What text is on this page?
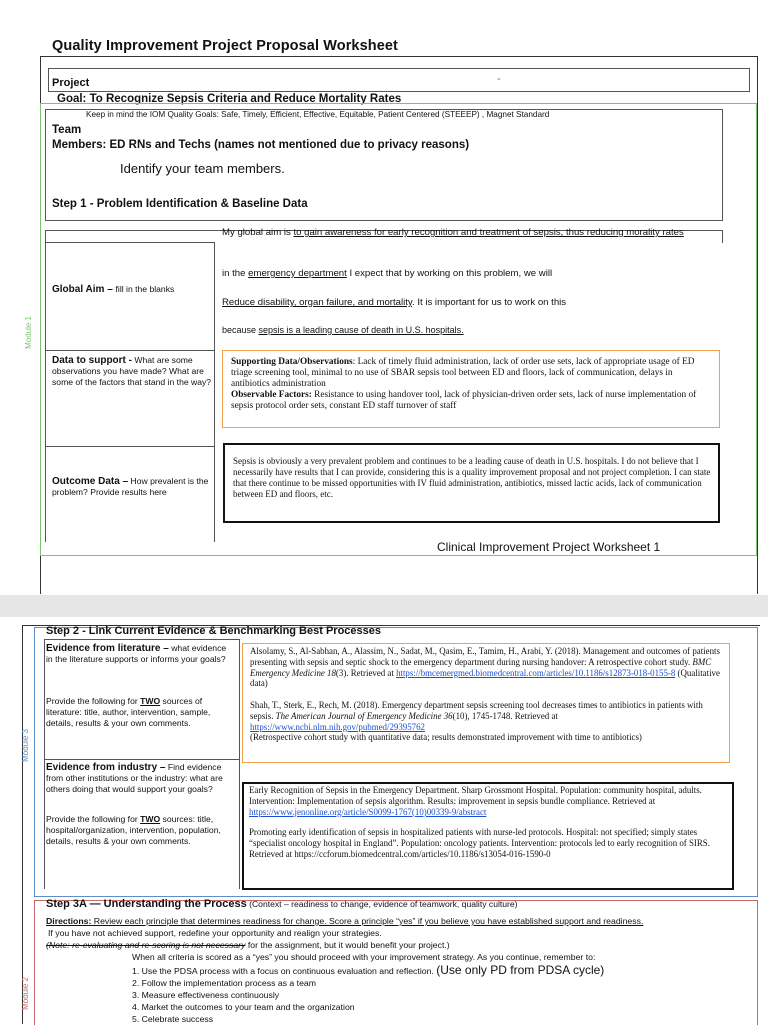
Quality Improvement Project Proposal Worksheet
Project	-
Goal: To Recognize Sepsis Criteria and Reduce Mortality Rates
Module 1
Keep in mind the IOM Quality Goals: Safe, Timely, Efficient, Effective, Equitable, Patient Centered (STEEEP) , Magnet Standard
Team
Members: ED RNs and Techs (names not mentioned due to privacy reasons)
Identify your team members.
Step 1 - Problem Identification & Baseline Data
Global Aim – fill in the blanks
My global aim is to gain awareness for early recognition and treatment of sepsis, thus reducing morality rates
in the emergency department I expect that by working on this problem, we will
Reduce disability, organ failure, and mortality. It is important for us to work on this
because sepsis is a leading cause of death in U.S. hospitals.
Data to support - What are some observations you have made? What are some of the factors that stand in the way?
Supporting Data/Observations: Lack of timely fluid administration, lack of order use sets, lack of appropriate usage of ED triage screening tool, minimal to no use of SBAR sepsis tool between ED and floors, lack of communication, delays in antibiotics administration
Observable Factors: Resistance to using handover tool, lack of physician-driven order sets, lack of nurse implementation of sepsis protocol order sets, constant ED staff turnover of staff
Outcome Data – How prevalent is the problem? Provide results here
Sepsis is obviously a very prevalent problem and continues to be a leading cause of death in U.S. hospitals. I do not believe that I necessarily have results that I can provide, considering this is a quality improvement proposal and not project completion. I can state that there continue to be missed opportunities with IV fluid administration, antibiotics, missed lactic acids, lack of communication between ED and floors, etc.
Clinical Improvement Project Worksheet 1
Module 3
Step 2 - Link Current Evidence & Benchmarking Best Processes
Evidence from literature – what evidence in the literature supports or informs your goals?
Provide the following for TWO sources of literature: title, author, intervention, sample, details, results & your own comments.
Alsolamy, S., Al-Sabhan, A., Alassim, N., Sadat, M., Qasim, E., Tamim, H., Arabi, Y. (2018). Management and outcomes of patients presenting with sepsis and septic shock to the emergency department during nursing handover: A retrospective cohort study. BMC Emergency Medicine 18(3). Retrieved at https://bmcemergmed.biomedcentral.com/articles/10.1186/s12873-018-0155-8 (Qualitative data)
Shah, T., Sterk, E., Rech, M. (2018). Emergency department sepsis screening tool decreases times to antibiotics in patients with sepsis. The American Journal of Emergency Medicine 36(10), 1745-1748. Retrieved at https://www.ncbi.nlm.nih.gov/pubmed/29395762
(Retrospective cohort study with quantitative data; results demonstrated improvement with time to antibiotics)
Evidence from industry – Find evidence from other institutions or the industry: what are others doing that would support your goals?
Provide the following for TWO sources: title, hospital/organization, intervention, population, details, results & your own comments.
Early Recognition of Sepsis in the Emergency Department. Sharp Grossmont Hospital. Population: community hospital, adults. Intervention: Implementation of sepsis algorithm. Results: improvement in sepsis bundle compliance. Retrieved at https://www.jenonline.org/article/S0099-1767(10)00339-9/abstract
Promoting early identification of sepsis in hospitalized patients with nurse-led protocols. Hospital: not specified; simply states “specialist oncology hospital in England”. Population: oncology patients. Intervention: protocols led to early recognition of SIRS. Retrieved at https://ccforum.biomedcentral.com/articles/10.1186/s13054-016-1590-0
Module 2
Step 3A — Understanding the Process (Context – readiness to change, evidence of teamwork, quality culture)
Directions: Review each principle that determines readiness for change. Score a principle “yes” if you believe you have established support and readiness.
If you have not achieved support, redefine your opportunity and realign your strategies.
(Note: re-evaluating and re-scoring is not necessary for the assignment, but it would benefit your project.)
When all criteria is scored as a “yes” you should proceed with your improvement strategy. As you continue, remember to:
1. Use the PDSA process with a focus on continuous evaluation and reflection. (Use only PD from PDSA cycle)
2. Follow the implementation process as a team
3. Measure effectiveness continuously
4. Market the outcomes to your team and the organization
5. Celebrate success
